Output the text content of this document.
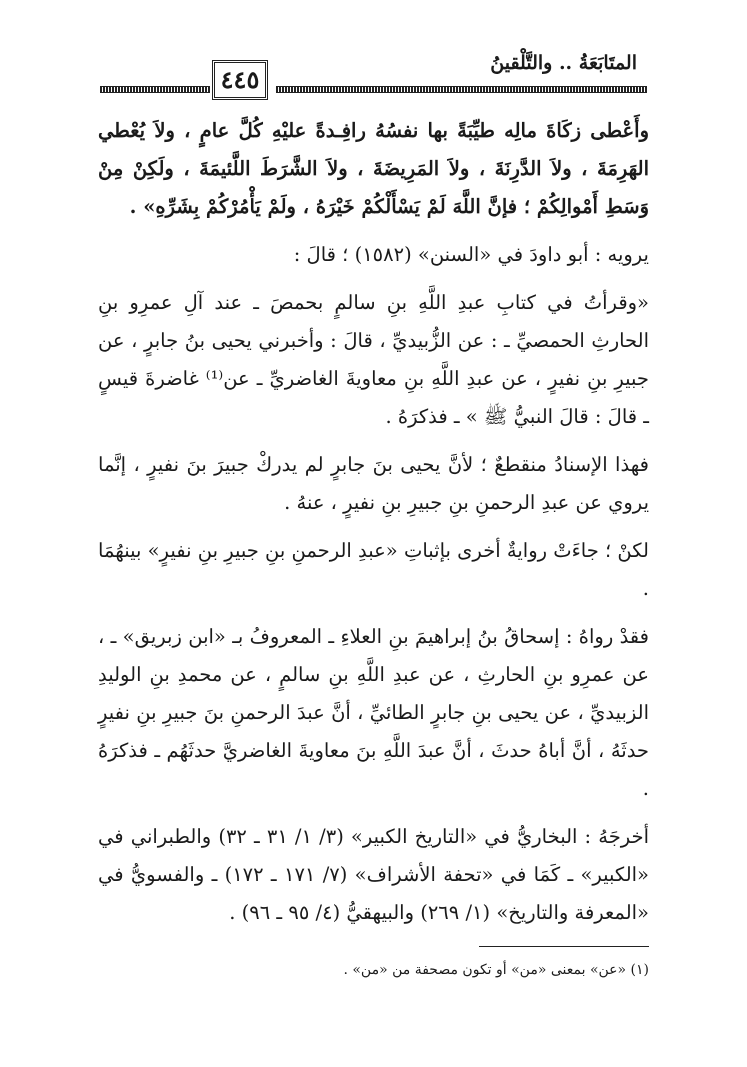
المتَابَعَةُ .. والتَّلْقينُ
٤٤٥

وأَعْطى زكَاةَ مالِه طيِّبَةً بها نفسُهُ رافِـدةً عليْهِ كُلَّ عامٍ ، ولاَ يُعْطي الهَرِمَةَ ، ولاَ الدَّرِنَةَ ، ولاَ المَرِيضَةَ ، ولاَ الشَّرَطَ اللَّئيمَةَ ، ولَكِنْ مِنْ وَسَطِ أَمْوالِكُمْ ؛ فإنَّ اللَّهَ لَمْ يَسْأَلْكُمْ خَيْرَهُ ، ولَمْ يَأْمُرْكُمْ بِشَرِّهِ» .

يرويه : أبو داودَ في «السنن» (١٥٨٢) ؛ قالَ :

«وقرأتُ في كتابِ عبدِ اللَّهِ بنِ سالمٍ بحمصَ ـ عند آلِ عمرِو بنِ الحارثِ الحمصيِّ ـ : عن الزُّبيديِّ ، قالَ : وأخبرني يحيى بنُ جابرٍ ، عن جبيرِ بنِ نفيرٍ ، عن عبدِ اللَّهِ بنِ معاويةَ الغاضريِّ ـ عن⁽¹⁾ غاضرةَ قيسٍ ـ قالَ : قالَ النبيُّ ﷺ » ـ فذكرَهُ .

فهذا الإسنادُ منقطعٌ ؛ لأنَّ يحيى بنَ جابرٍ لم يدركْ جبيرَ بنَ نفيرٍ ، إنَّما يروي عن عبدِ الرحمنِ بنِ جبيرِ بنِ نفيرٍ ، عنهُ .

لكنْ ؛ جاءَتْ روايةٌ أخرى بإثباتِ «عبدِ الرحمنِ بنِ جبيرِ بنِ نفيرٍ» بينهُمَا .

فقدْ رواهُ : إسحاقُ بنُ إبراهيمَ بنِ العلاءِ ـ المعروفُ بـ «ابن زبريق» ـ ، عن عمرِو بنِ الحارثِ ، عن عبدِ اللَّهِ بنِ سالمٍ ، عن محمدِ بنِ الوليدِ الزبيديِّ ، عن يحيى بنِ جابرٍ الطائيِّ ، أنَّ عبدَ الرحمنِ بنَ جبيرِ بنِ نفيرٍ حدثَهُ ، أنَّ أباهُ حدثَ ، أنَّ عبدَ اللَّهِ بنَ معاويةَ الغاضريَّ حدثَهُم ـ فذكرَهُ .

أخرجَهُ : البخاريُّ في «التاريخ الكبير» (٣/ ١/ ٣١ ـ ٣٢) والطبراني في «الكبير» ـ كَمَا في «تحفة الأشراف» (٧/ ١٧١ ـ ١٧٢) ـ والفسويُّ في «المعرفة والتاريخ» (١/ ٢٦٩) والبيهقيُّ (٤/ ٩٥ ـ ٩٦) .

(١) «عن» بمعنى «من» أو تكون مصحفة من «من» .
